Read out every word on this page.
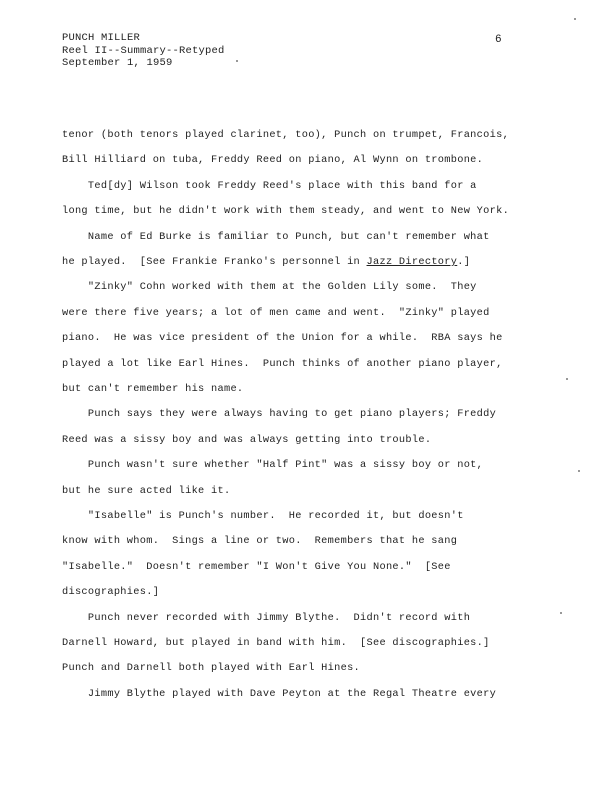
PUNCH MILLER
Reel II--Summary--Retyped
September 1, 1959
6
tenor (both tenors played clarinet, too), Punch on trumpet, Francois,
Bill Hilliard on tuba, Freddy Reed on piano, Al Wynn on trombone.
Ted[dy] Wilson took Freddy Reed's place with this band for a
long time, but he didn't work with them steady, and went to New York.
Name of Ed Burke is familiar to Punch, but can't remember what
he played.  [See Frankie Franko's personnel in Jazz Directory.]
"Zinky" Cohn worked with them at the Golden Lily some.  They
were there five years; a lot of men came and went.  "Zinky" played
piano.  He was vice president of the Union for a while.  RBA says he
played a lot like Earl Hines.  Punch thinks of another piano player,
but can't remember his name.
Punch says they were always having to get piano players; Freddy
Reed was a sissy boy and was always getting into trouble.
Punch wasn't sure whether "Half Pint" was a sissy boy or not,
but he sure acted like it.
"Isabelle" is Punch's number.  He recorded it, but doesn't
know with whom.  Sings a line or two.  Remembers that he sang
"Isabelle."  Doesn't remember "I Won't Give You None."  [See
discographies.]
Punch never recorded with Jimmy Blythe.  Didn't record with
Darnell Howard, but played in band with him.  [See discographies.]
Punch and Darnell both played with Earl Hines.
Jimmy Blythe played with Dave Peyton at the Regal Theatre every
